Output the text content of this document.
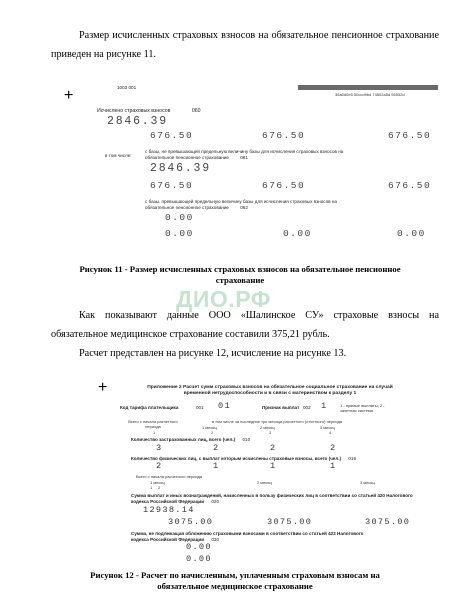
Размер исчисленных страховых взносов на обязательное пенсионное страхование приведен на рисунке 11.
1003 001
35a0d0e5 50ccd9bd 74502a5d 96552d
+
Исчислено страховых взносов	060
2846.39
676.50	676.50	676.50
в том числе:
с базы, не превышающей предельную величину базы для исчисления страховых взносов на обязательное пенсионное страхование 061
2846.39
676.50	676.50	676.50
с базы, превышающей предельную величину базы для исчисления страховых взносов на обязательное пенсионное страхование 062
0.00
0.00	0.00	0.00
Рисунок 11 - Размер исчисленных страховых взносов на обязательное пенсионное страхование
ДИО.РФ
Как показывают данные ООО «Шалинское СУ» страховые взносы на обязательное медицинское страхование составили 375,21 рубль.
Расчет представлен на рисунке 12, исчисление на рисунке 13.
+	Приложение 2 Расчет сумм страховых взносов на обязательное социальное страхование на случай временной нетрудоспособности и в связи с материнством к разделу 1
Код тарифа плательщика	001 01	Признак выплат 002 1	1 - прямые выплаты; 2 - зачетная система
Всего с начала расчетного периода
в том числе за последние три месяца расчетного (отчетного) периода
1 месяц	2 месяц	3 месяц
1	2	3	4
Количество застрахованных лиц, всего (чел.) 010
3	2	2	2
Количество физических лиц, с выплат которым исчислены страховые взносы, всего (чел.) 015
2	1	1	1
Всего с начала расчетного периода
1 месяц	2 месяц	3 месяц
1 2
Сумма выплат и иных вознаграждений, начисленных в пользу физических лиц в соответствии со статьей 420 Налогового кодекса Российской Федерации 020
12938.14
3075.00	3075.00	3075.00
Сумма, не подлежащая обложению страховыми взносами в соответствии со статьей 422 Налогового кодекса Российской Федерации 030
0.00
0.00
Рисунок 12 - Расчет по начисленным, уплаченным страховым взносам на обязательное медицинское страхование
